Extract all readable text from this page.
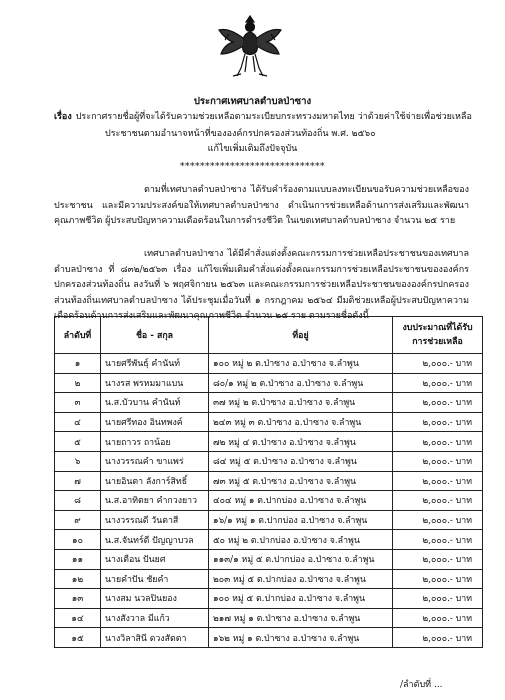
ประกาศเทศบาลตำบลป่าซาง
เรื่อง ประกาศรายชื่อผู้ที่จะได้รับความช่วยเหลือตามระเบียบกระทรวงมหาดไทย ว่าด้วยค่าใช้จ่ายเพื่อช่วยเหลือ
ประชาชนตามอำนาจหน้าที่ขององค์กรปกครองส่วนท้องถิ่น พ.ศ. ๒๕๖๐
แก้ไขเพิ่มเติมถึงปัจจุบัน
*****************************
ตามที่เทศบาลตำบลป่าซาง ได้รับคำร้องตามแบบลงทะเบียนขอรับความช่วยเหลือของประชาชน และมีความประสงค์ขอให้เทศบาลตำบลป่าซาง ดำเนินการช่วยเหลือด้านการส่งเสริมและพัฒนาคุณภาพชีวิต ผู้ประสบปัญหาความเดือดร้อนในการดำรงชีวิต ในเขตเทศบาลตำบลป่าซาง จำนวน ๒๕ ราย
เทศบาลตำบลป่าซาง ได้มีคำสั่งแต่งตั้งคณะกรรมการช่วยเหลือประชาชนของเทศบาลตำบลป่าซาง ที่ ๘๓๒/๒๕๖๓ เรื่อง แก้ไขเพิ่มเติมคำสั่งแต่งตั้งคณะกรรมการช่วยเหลือประชาชนขององค์กรปกครองส่วนท้องถิ่น ลงวันที่ ๖ พฤศจิกายน ๒๕๖๓ และคณะกรรมการช่วยเหลือประชาชนขององค์กรปกครองส่วนท้องถิ่นเทศบาลตำบลป่าซาง ได้ประชุมเมื่อวันที่ ๑ กรกฎาคม ๒๕๖๔ มีมติช่วยเหลือผู้ประสบปัญหาความเดือดร้อนด้านการส่งเสริมและพัฒนาคุณภาพชีวิต จำนวน ๒๕ ราย ตามรายชื่อดังนี้
ลำดับที่	ชื่อ - สกุล	ที่อยู่	งบประมาณที่ได้รับการช่วยเหลือ
๑	นายศรีพันธุ์ คำนันท์	๑๐๐ หมู่ ๒ ต.ป่าซาง อ.ป่าซาง จ.ลำพูน	๒,๐๐๐.- บาท
๒	นางรส พรหมมาแบน	๘๐/๑ หมู่ ๒ ต.ป่าซาง อ.ป่าซาง จ.ลำพูน	๒,๐๐๐.- บาท
๓	น.ส.บัวบาน คำนันท์	๓๗ หมู่ ๒ ต.ป่าซาง อ.ป่าซาง จ.ลำพูน	๒,๐๐๐.- บาท
๔	นายศรีทอง อินทพงค์	๒๔๓ หมู่ ๓ ต.ป่าซาง อ.ป่าซาง จ.ลำพูน	๒,๐๐๐.- บาท
๕	นายถาวร ถาน้อย	๗๒ หมู่ ๔ ต.ป่าซาง อ.ป่าซาง จ.ลำพูน	๒,๐๐๐.- บาท
๖	นางวรรณคำ ขาแพร่	๘๔ หมู่ ๕ ต.ป่าซาง อ.ป่าซาง จ.ลำพูน	๒,๐๐๐.- บาท
๗	นายอินตา ลังการ์สิทธิ์	๗๓ หมู่ ๕ ต.ป่าซาง อ.ป่าซาง จ.ลำพูน	๒,๐๐๐.- บาท
๘	น.ส.อาทิตยา คำกวงยาว	๔๐๔ หมู่ ๑ ต.ปากบ่อง อ.ป่าซาง จ.ลำพูน	๒,๐๐๐.- บาท
๙	นางวรรณดี วันตาสี	๑๖/๑ หมู่ ๑ ต.ปากบ่อง อ.ป่าซาง จ.ลำพูน	๒,๐๐๐.- บาท
๑๐	น.ส.จันทร์ดี ปัญญาบวล	๕๐ หมู่ ๒ ต.ปากบ่อง อ.ป่าซาง จ.ลำพูน	๒,๐๐๐.- บาท
๑๑	นางเตือน ปันยศ	๑๑๓/๑ หมู่ ๕ ต.ปากบ่อง อ.ป่าซาง จ.ลำพูน	๒,๐๐๐.- บาท
๑๒	นายคำปัน ชัยคำ	๒๐๓ หมู่ ๕ ต.ปากบ่อง อ.ป่าซาง จ.ลำพูน	๒,๐๐๐.- บาท
๑๓	นางสม นวลปินยอง	๑๐๐ หมู่ ๕ ต.ปากบ่อง อ.ป่าซาง จ.ลำพูน	๒,๐๐๐.- บาท
๑๔	นางสังวาล มีแก้ว	๒๑๗ หมู่ ๑ ต.ป่าซาง อ.ป่าซาง จ.ลำพูน	๒,๐๐๐.- บาท
๑๕	นางวิลาสินี ดวงสัตตา	๑๖๒ หมู่ ๑ ต.ป่าซาง อ.ป่าซาง จ.ลำพูน	๒,๐๐๐.- บาท
/ลำดับที่ ...
